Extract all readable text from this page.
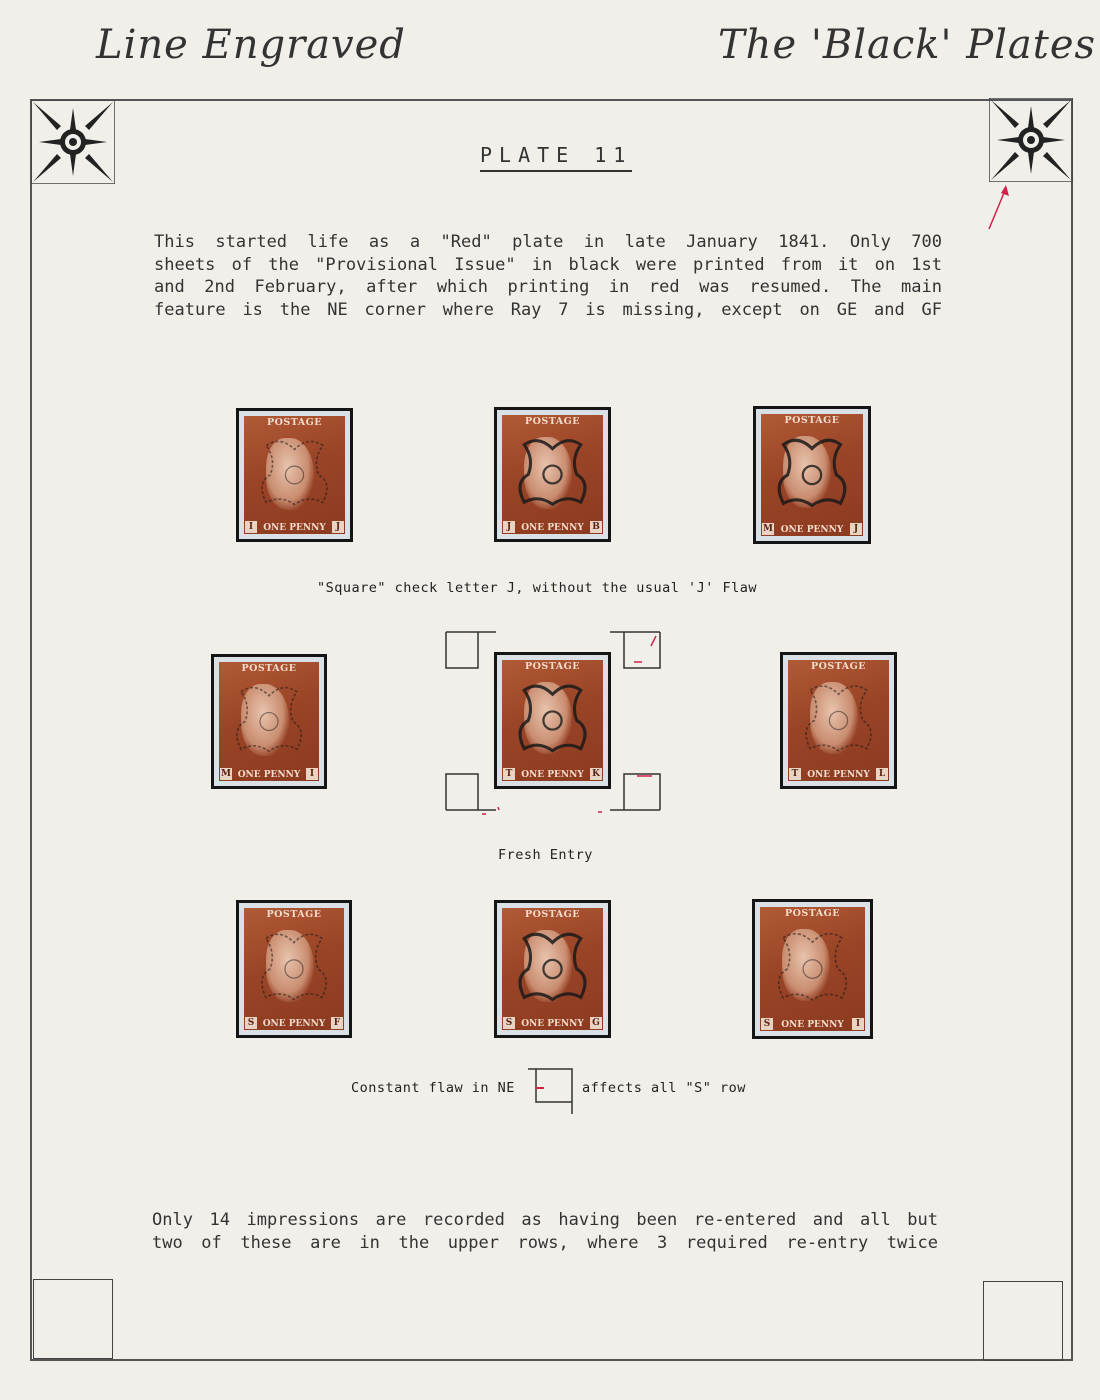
Line Engraved	The 'Black' Plates
PLATE 11
This started life as a "Red" plate in late January 1841. Only 700
sheets of the "Provisional Issue" in black were printed from it on 1st
and 2nd February, after which printing in red was resumed. The main
feature is the NE corner where Ray 7 is missing, except on GE and GF
POSTAGE
ONE PENNY
I	J
POSTAGE
ONE PENNY
J	B
POSTAGE
ONE PENNY
M	J
POSTAGE
ONE PENNY
M	I
POSTAGE
ONE PENNY
T	K
POSTAGE
ONE PENNY
T	L
POSTAGE
ONE PENNY
S	F
POSTAGE
ONE PENNY
S	G
POSTAGE
ONE PENNY
S	I
"Square" check letter J, without the usual 'J' Flaw
Fresh Entry
Constant flaw in NE	affects all "S" row
Only 14 impressions are recorded as having been re-entered and all but
two of these are in the upper rows, where 3 required re-entry twice
